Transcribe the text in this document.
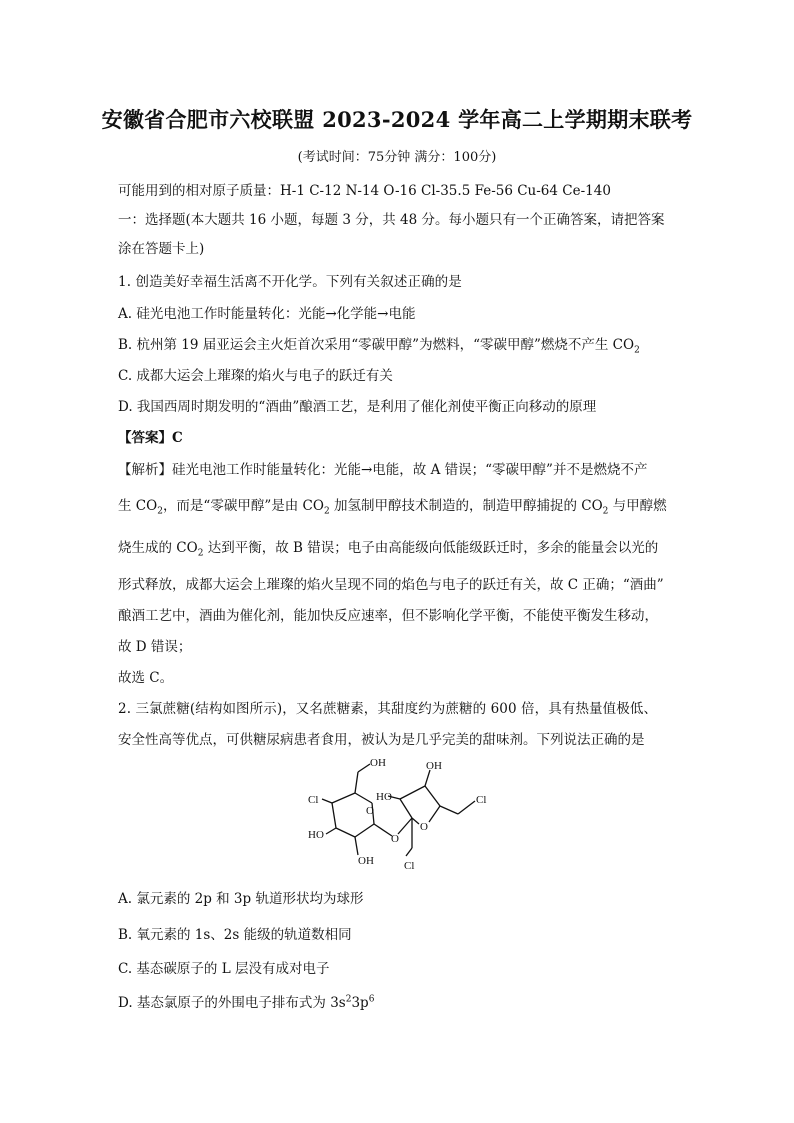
安徽省合肥市六校联盟 2023-2024 学年高二上学期期末联考
(考试时间：75分钟 满分：100分)
可能用到的相对原子质量：H-1 C-12 N-14 O-16 Cl-35.5 Fe-56 Cu-64 Ce-140
一：选择题(本大题共 16 小题，每题 3 分，共 48 分。每小题只有一个正确答案，请把答案
涂在答题卡上)
1. 创造美好幸福生活离不开化学。下列有关叙述正确的是
A. 硅光电池工作时能量转化：光能→化学能→电能
B. 杭州第 19 届亚运会主火炬首次采用“零碳甲醇”为燃料，“零碳甲醇”燃烧不产生 $CO_2$
C. 成都大运会上璀璨的焰火与电子的跃迁有关
D. 我国西周时期发明的“酒曲”酿酒工艺，是利用了催化剂使平衡正向移动的原理
【答案】C
【解析】硅光电池工作时能量转化：光能→电能，故 A 错误；“零碳甲醇”并不是燃烧不产
生 $CO_2$，而是“零碳甲醇”是由 $CO_2$ 加氢制甲醇技术制造的，制造甲醇捕捉的 $CO_2$ 与甲醇燃
烧生成的 $CO_2$ 达到平衡，故 B 错误；电子由高能级向低能级跃迁时，多余的能量会以光的
形式释放，成都大运会上璀璨的焰火呈现不同的焰色与电子的跃迁有关，故 C 正确；“酒曲”
酿酒工艺中，酒曲为催化剂，能加快反应速率，但不影响化学平衡，不能使平衡发生移动，
故 D 错误；
故选 C。
2. 三氯蔗糖(结构如图所示)，又名蔗糖素，其甜度约为蔗糖的 600 倍，具有热量值极低、
安全性高等优点，可供糖尿病患者食用，被认为是几乎完美的甜味剂。下列说法正确的是
OH	OH
Cl	HO
O
HO
Cl
O
O
OH	Cl
A. 氯元素的 2p 和 3p 轨道形状均为球形
B. 氧元素的 1s、2s 能级的轨道数相同
C. 基态碳原子的 L 层没有成对电子
D. 基态氯原子的外围电子排布式为 $3s^23p^6$
